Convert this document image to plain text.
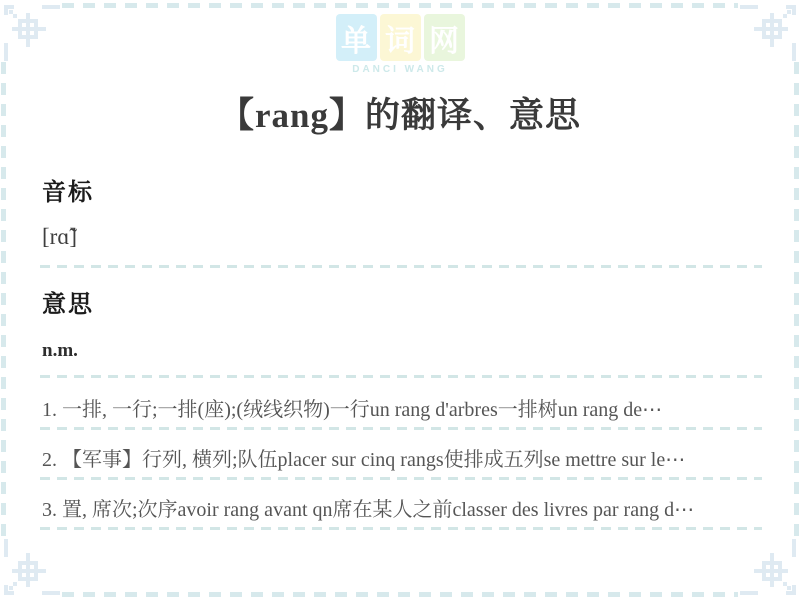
单 词 网
DANCI WANG
【rang】的翻译、意思
音标
[rɑ̃]
意思
n.m.
1. 一排, 一行;一排(座);(绒线织物)一行un rang d'arbres一排树un rang de⋯
2. 【军事】行列, 横列;队伍placer sur cinq rangs使排成五列se mettre sur le⋯
3. 置, 席次;次序avoir rang avant qn席在某人之前classer des livres par rang d⋯
